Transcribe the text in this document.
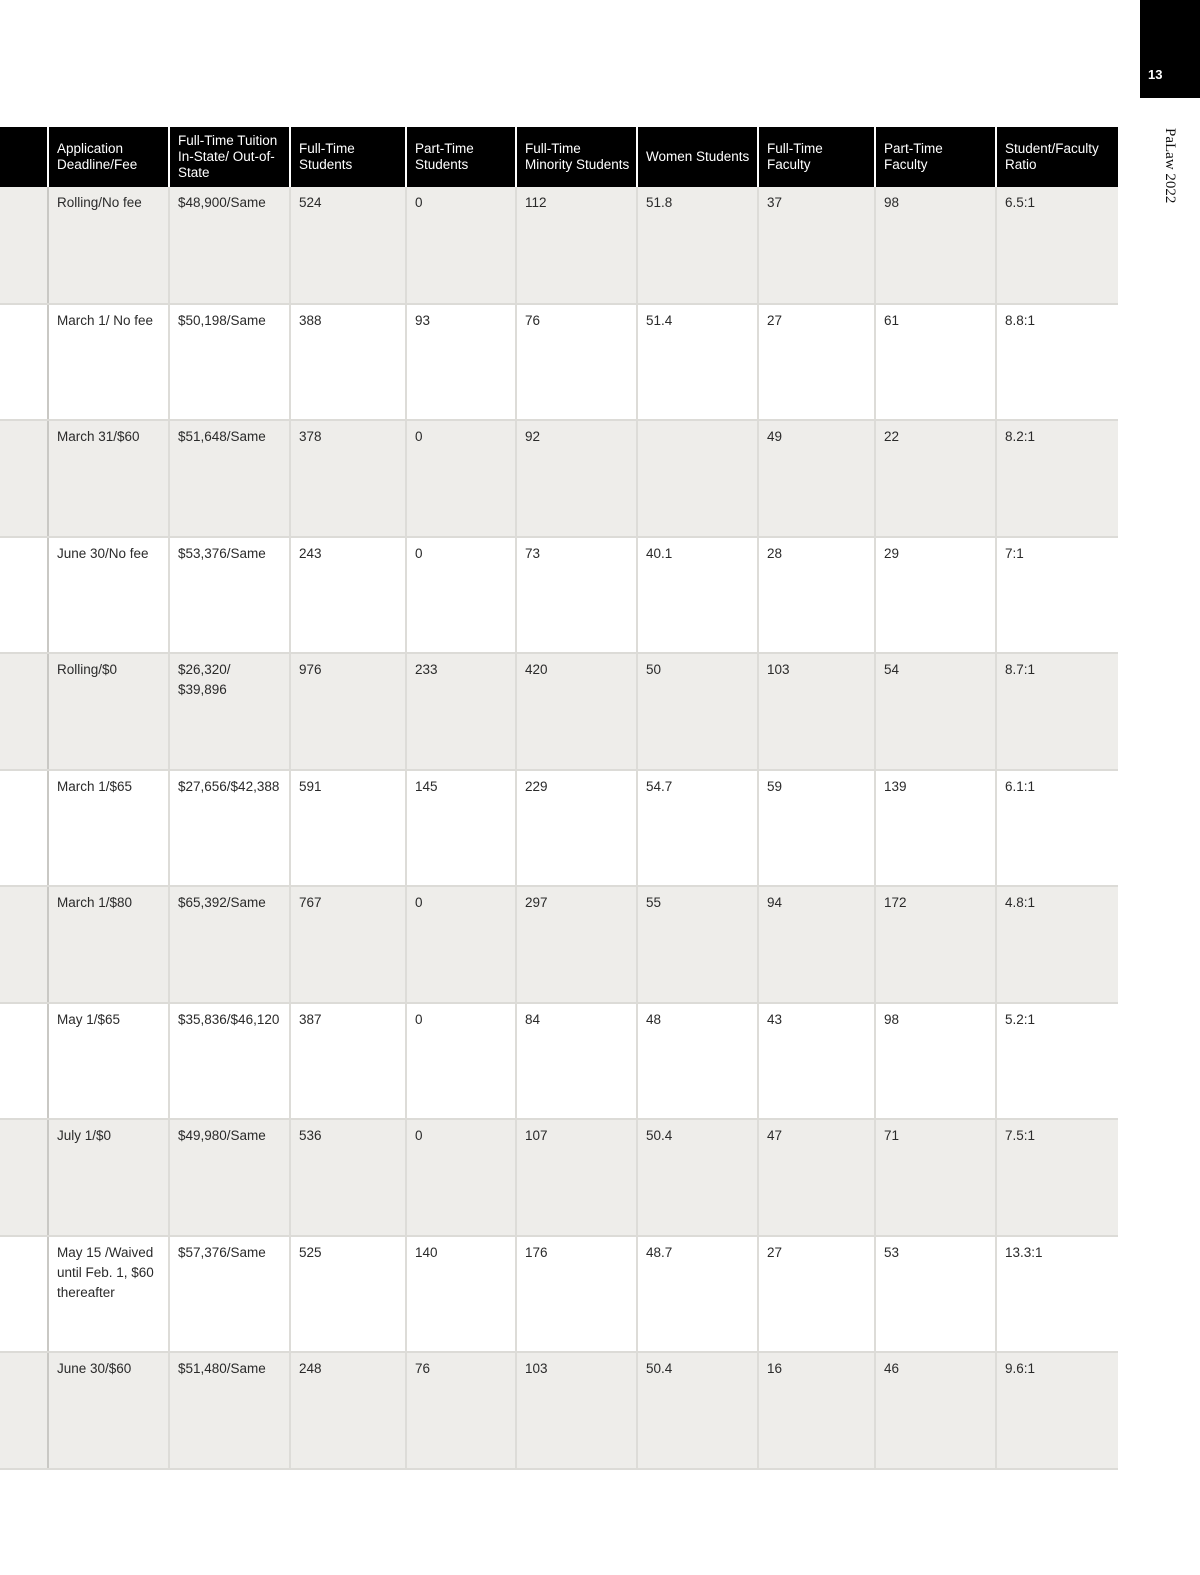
13
PaLaw 2022
	Application Deadline/Fee	Full-Time Tuition In-State/ Out-of-State	Full-Time Students	Part-Time Students	Full-Time Minority Students	Women Students	Full-Time Faculty	Part-Time Faculty	Student/Faculty Ratio
	Rolling/No fee	$48,900/Same	524	0	112	51.8	37	98	6.5:1
	March 1/ No fee	$50,198/Same	388	93	76	51.4	27	61	8.8:1
	March 31/$60	$51,648/Same	378	0	92		49	22	8.2:1
	June 30/No fee	$53,376/Same	243	0	73	40.1	28	29	7:1
	Rolling/$0	$26,320/ $39,896	976	233	420	50	103	54	8.7:1
	March 1/$65	$27,656/$42,388	591	145	229	54.7	59	139	6.1:1
	March 1/$80	$65,392/Same	767	0	297	55	94	172	4.8:1
	May 1/$65	$35,836/$46,120	387	0	84	48	43	98	5.2:1
	July 1/$0	$49,980/Same	536	0	107	50.4	47	71	7.5:1
	May 15 /Waived until Feb. 1, $60 thereafter	$57,376/Same	525	140	176	48.7	27	53	13.3:1
	June 30/$60	$51,480/Same	248	76	103	50.4	16	46	9.6:1
